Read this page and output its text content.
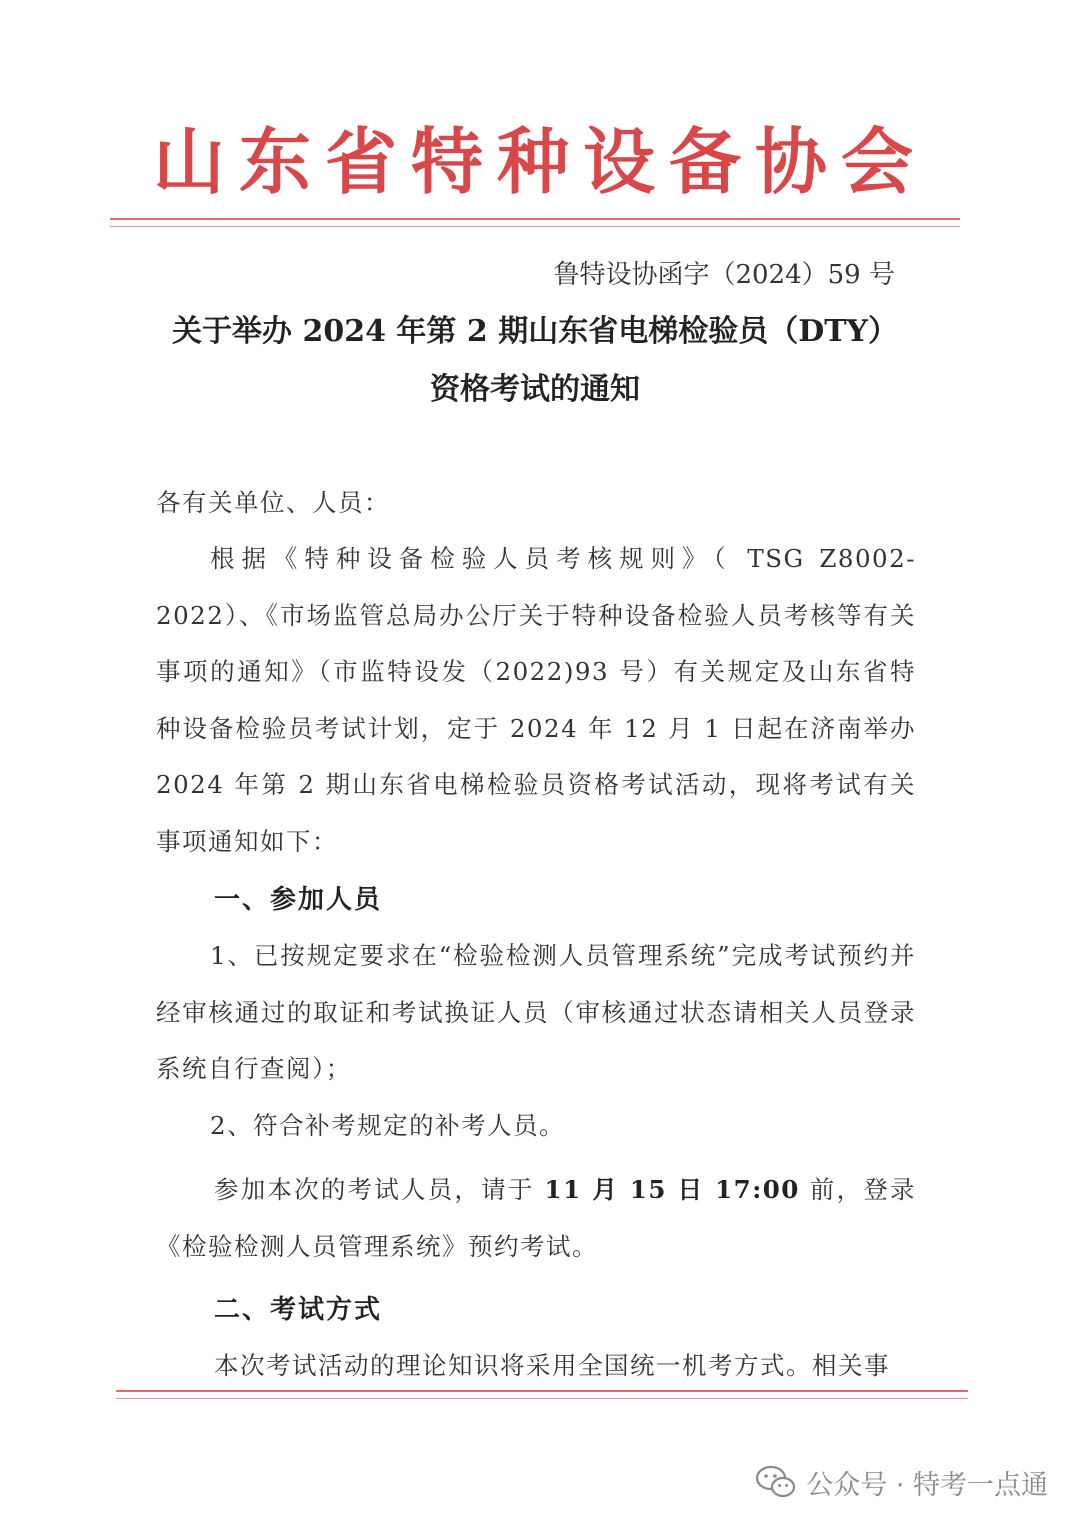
山东省特种设备协会
鲁特设协函字（2024）59 号
关于举办 2024 年第 2 期山东省电梯检验员（DTY）
资格考试的通知
各有关单位、人员：

根据《特种设备检验人员考核规则》（ TSG Z8002-2022）、《市场监管总局办公厅关于特种设备检验人员考核等有关事项的通知》（市监特设发（2022)93 号）有关规定及山东省特种设备检验员考试计划，定于 2024 年 12 月 1 日起在济南举办 2024 年第 2 期山东省电梯检验员资格考试活动，现将考试有关事项通知如下：

一、参加人员

1、已按规定要求在“检验检测人员管理系统”完成考试预约并经审核通过的取证和考试换证人员（审核通过状态请相关人员登录系统自行查阅）；

2、符合补考规定的补考人员。

参加本次的考试人员，请于 11 月 15 日 17:00 前，登录《检验检测人员管理系统》预约考试。

二、考试方式

本次考试活动的理论知识将采用全国统一机考方式。相关事

公众号 · 特考一点通
